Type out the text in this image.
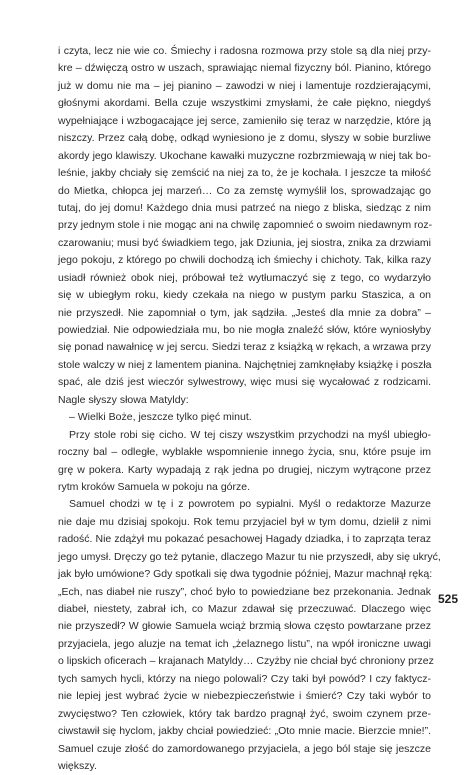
i czyta, lecz nie wie co. Śmiechy i radosna rozmowa przy stole są dla niej przy-
kre – dźwięczą ostro w uszach, sprawiając niemal fizyczny ból. Pianino, którego
już w domu nie ma – jej pianino – zawodzi w niej i lamentuje rozdzierającymi,
głośnymi akordami. Bella czuje wszystkimi zmysłami, że całe piękno, niegdyś
wypełniające i wzbogacające jej serce, zamieniło się teraz w narzędzie, które ją
niszczy. Przez całą dobę, odkąd wyniesiono je z domu, słyszy w sobie burzliwe
akordy jego klawiszy. Ukochane kawałki muzyczne rozbrzmiewają w niej tak bo-
leśnie, jakby chciały się zemścić na niej za to, że je kochała. I jeszcze ta miłość
do Mietka, chłopca jej marzeń… Co za zemstę wymyślił los, sprowadzając go
tutaj, do jej domu! Każdego dnia musi patrzeć na niego z bliska, siedząc z nim
przy jednym stole i nie mogąc ani na chwilę zapomnieć o swoim niedawnym roz-
czarowaniu; musi być świadkiem tego, jak Dziunia, jej siostra, znika za drzwiami
jego pokoju, z którego po chwili dochodzą ich śmiechy i chichoty. Tak, kilka razy
usiadł również obok niej, próbował też wytłumaczyć się z tego, co wydarzyło
się w ubiegłym roku, kiedy czekała na niego w pustym parku Staszica, a on
nie przyszedł. Nie zapomniał o tym, jak sądziła. „Jesteś dla mnie za dobra” –
powiedział. Nie odpowiedziała mu, bo nie mogła znaleźć słów, które wyniosłyby
się ponad nawałnicę w jej sercu. Siedzi teraz z książką w rękach, a wrzawa przy
stole walczy w niej z lamentem pianina. Najchętniej zamknęłaby książkę i poszła
spać, ale dziś jest wieczór sylwestrowy, więc musi się wycałować z rodzicami.
Nagle słyszy słowa Matyldy:
– Wielki Boże, jeszcze tylko pięć minut.
Przy stole robi się cicho. W tej ciszy wszystkim przychodzi na myśl ubiegło-
roczny bal – odległe, wyblakłe wspomnienie innego życia, snu, które psuje im
grę w pokera. Karty wypadają z rąk jedna po drugiej, niczym wytrącone przez
rytm kroków Samuela w pokoju na górze.
Samuel chodzi w tę i z powrotem po sypialni. Myśl o redaktorze Mazurze
nie daje mu dzisiaj spokoju. Rok temu przyjaciel był w tym domu, dzielił z nimi
radość. Nie zdążył mu pokazać pesachowej Hagady dziadka, i to zaprząta teraz
jego umysł. Dręczy go też pytanie, dlaczego Mazur tu nie przyszedł, aby się ukryć,
jak było umówione? Gdy spotkali się dwa tygodnie później, Mazur machnął ręką:
„Ech, nas diabeł nie ruszy”, choć było to powiedziane bez przekonania. Jednak
diabeł, niestety, zabrał ich, co Mazur zdawał się przeczuwać. Dlaczego więc
nie przyszedł? W głowie Samuela wciąż brzmią słowa często powtarzane przez
przyjaciela, jego aluzje na temat ich „żelaznego listu”, na wpół ironiczne uwagi
o lipskich oficerach – krajanach Matyldy… Czyżby nie chciał być chroniony przez
tych samych hycli, którzy na niego polowali? Czy taki był powód? I czy faktycz-
nie lepiej jest wybrać życie w niebezpieczeństwie i śmierć? Czy taki wybór to
zwycięstwo? Ten człowiek, który tak bardzo pragnął żyć, swoim czynem prze-
ciwstawił się hyclom, jakby chciał powiedzieć: „Oto mnie macie. Bierzcie mnie!”.
Samuel czuje złość do zamordowanego przyjaciela, a jego ból staje się jeszcze
większy.
525
